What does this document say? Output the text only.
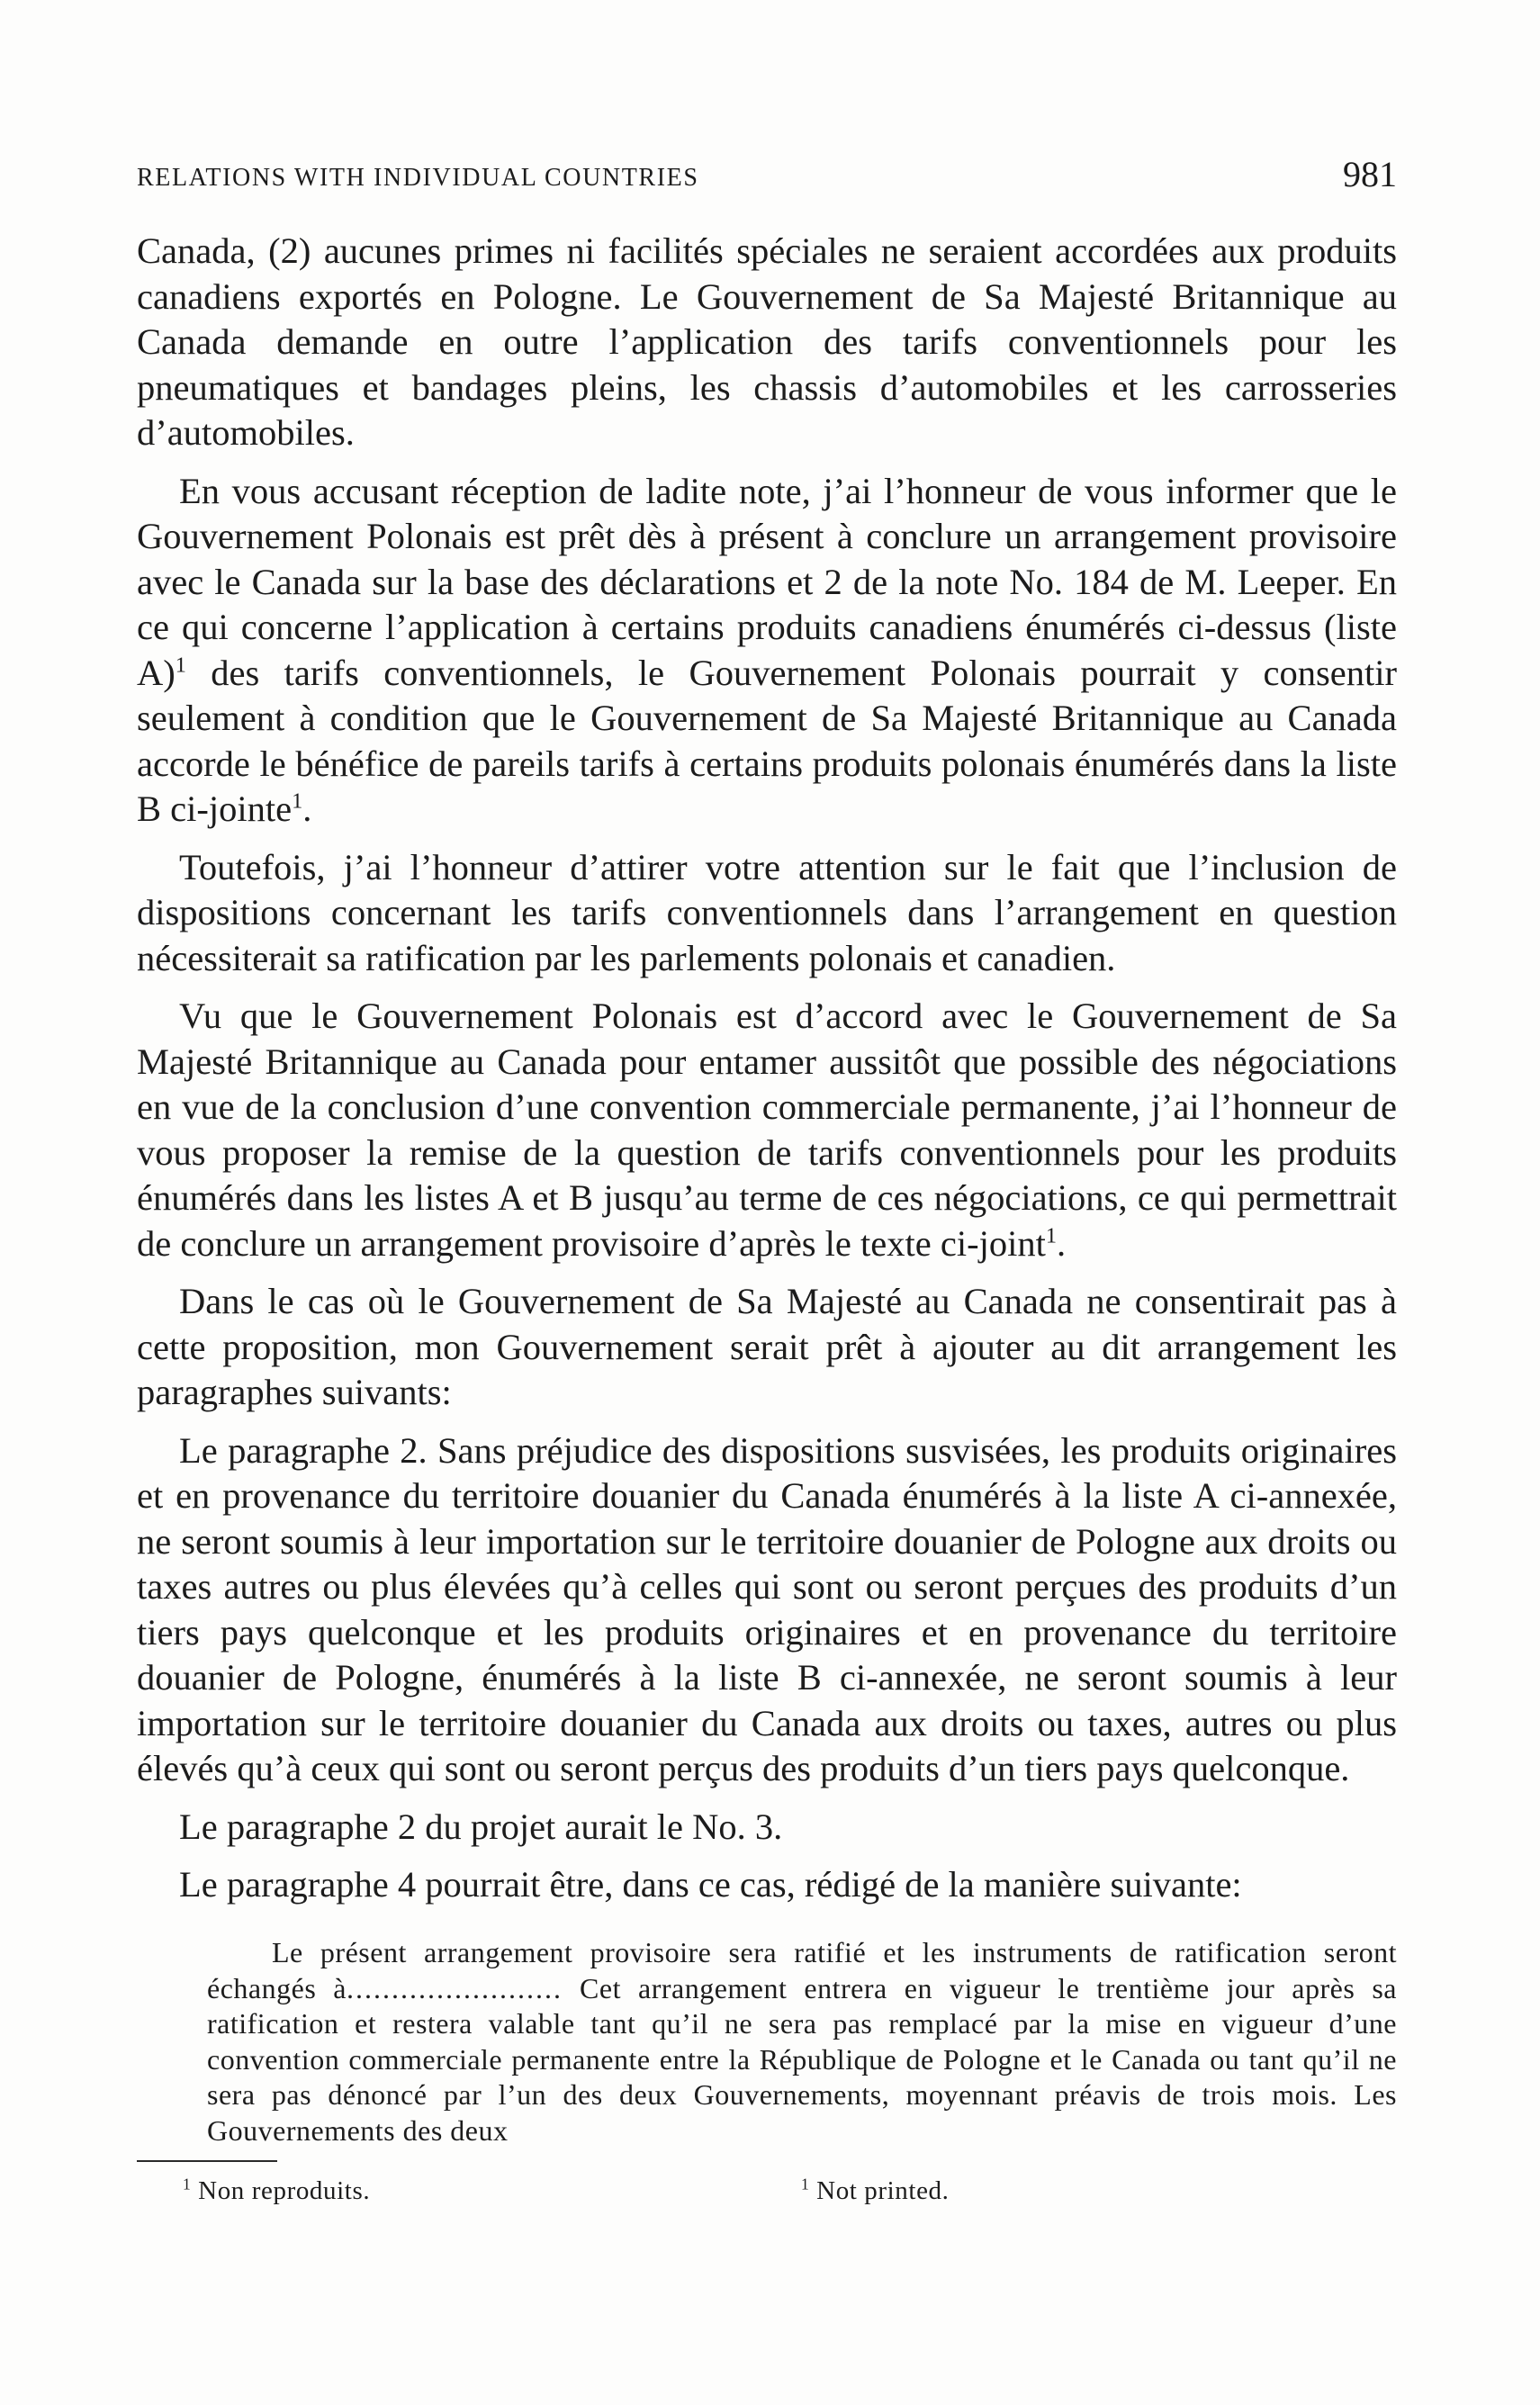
RELATIONS WITH INDIVIDUAL COUNTRIES	981

Canada, (2) aucunes primes ni facilités spéciales ne seraient accordées aux produits canadiens exportés en Pologne. Le Gouvernement de Sa Majesté Britannique au Canada demande en outre l’application des tarifs conventionnels pour les pneumatiques et bandages pleins, les chassis d’automobiles et les carrosseries d’automobiles.

En vous accusant réception de ladite note, j’ai l’honneur de vous informer que le Gouvernement Polonais est prêt dès à présent à conclure un arrangement provisoire avec le Canada sur la base des déclarations et 2 de la note No. 184 de M. Leeper. En ce qui concerne l’application à certains produits canadiens énumérés ci-dessus (liste A)$^1$ des tarifs conventionnels, le Gouvernement Polonais pourrait y consentir seulement à condition que le Gouvernement de Sa Majesté Britannique au Canada accorde le bénéfice de pareils tarifs à certains produits polonais énumérés dans la liste B ci-jointe$^1$.

Toutefois, j’ai l’honneur d’attirer votre attention sur le fait que l’inclusion de dispositions concernant les tarifs conventionnels dans l’arrangement en question nécessiterait sa ratification par les parlements polonais et canadien.

Vu que le Gouvernement Polonais est d’accord avec le Gouvernement de Sa Majesté Britannique au Canada pour entamer aussitôt que possible des négociations en vue de la conclusion d’une convention commerciale permanente, j’ai l’honneur de vous proposer la remise de la question de tarifs conventionnels pour les produits énumérés dans les listes A et B jusqu’au terme de ces négociations, ce qui permettrait de conclure un arrangement provisoire d’après le texte ci-joint$^1$.

Dans le cas où le Gouvernement de Sa Majesté au Canada ne consentirait pas à cette proposition, mon Gouvernement serait prêt à ajouter au dit arrangement les paragraphes suivants:

Le paragraphe 2. Sans préjudice des dispositions susvisées, les produits originaires et en provenance du territoire douanier du Canada énumérés à la liste A ci-annexée, ne seront soumis à leur importation sur le territoire douanier de Pologne aux droits ou taxes autres ou plus élevées qu’à celles qui sont ou seront perçues des produits d’un tiers pays quelconque et les produits originaires et en provenance du territoire douanier de Pologne, énumérés à la liste B ci-annexée, ne seront soumis à leur importation sur le territoire douanier du Canada aux droits ou taxes, autres ou plus élevés qu’à ceux qui sont ou seront perçus des produits d’un tiers pays quelconque.

Le paragraphe 2 du projet aurait le No. 3.

Le paragraphe 4 pourrait être, dans ce cas, rédigé de la manière suivante:

Le présent arrangement provisoire sera ratifié et les instruments de ratification seront échangés à........................ Cet arrangement entrera en vigueur le trentième jour après sa ratification et restera valable tant qu’il ne sera pas remplacé par la mise en vigueur d’une convention commerciale permanente entre la République de Pologne et le Canada ou tant qu’il ne sera pas dénoncé par l’un des deux Gouvernements, moyennant préavis de trois mois. Les Gouvernements des deux

$^1$ Non reproduits.	$^1$ Not printed.
